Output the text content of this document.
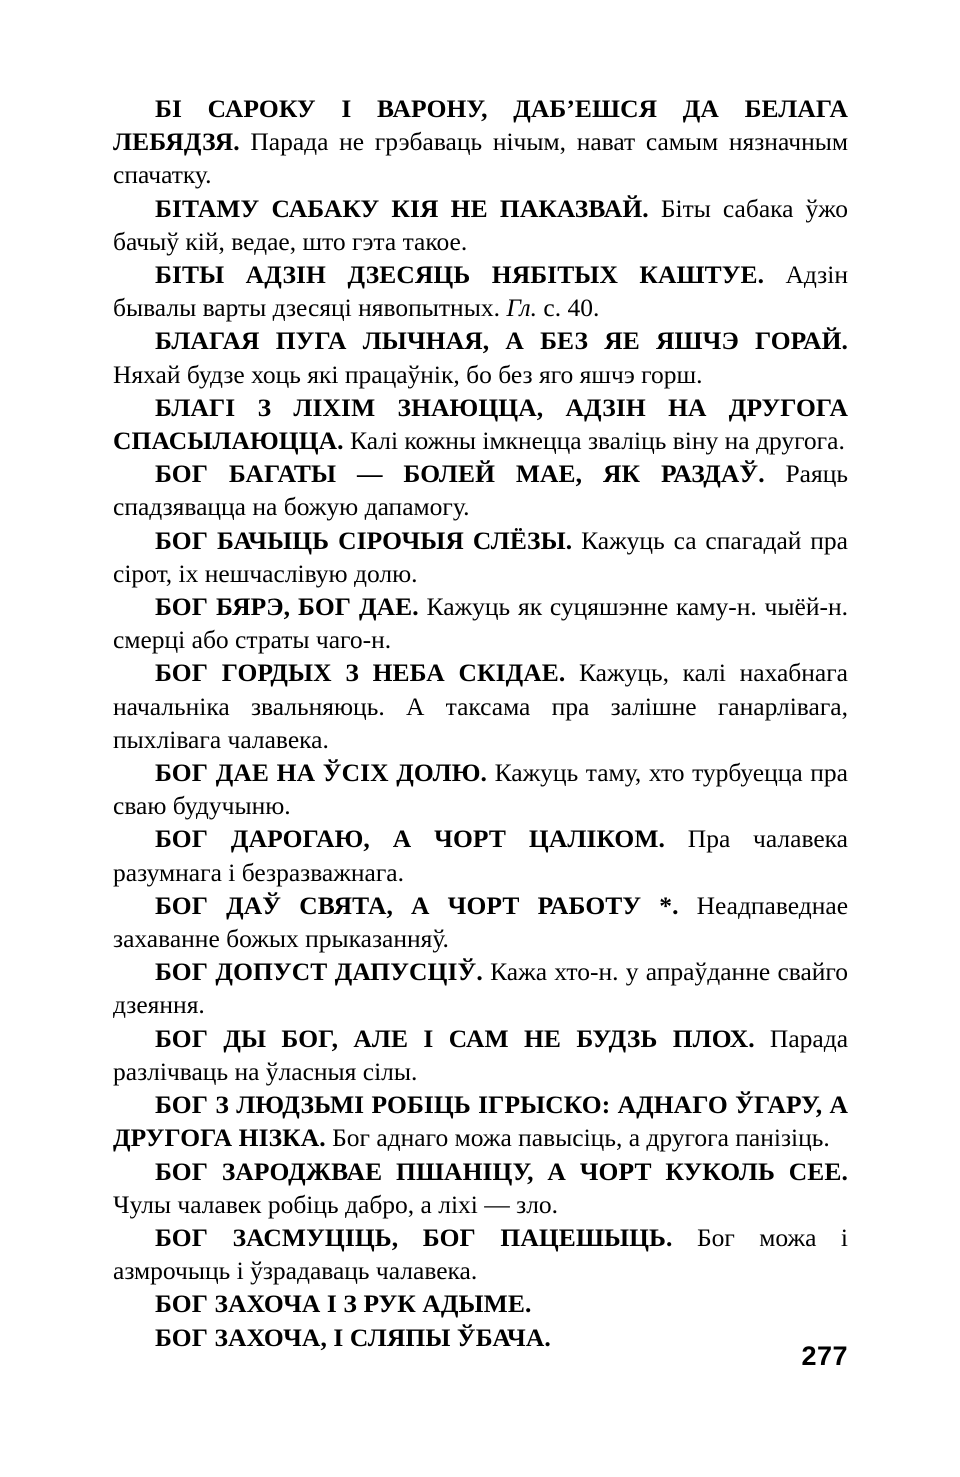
БІ САРОКУ І ВАРОНУ, ДАБ’ЕШСЯ ДА БЕЛАГА ЛЕБЯДЗЯ. Парада не грэбаваць нічым, нават самым нязначным спачатку.

БІТАМУ САБАКУ КІЯ НЕ ПАКАЗВАЙ. Біты сабака ўжо бачыў кій, ведае, што гэта такое.

БІТЫ АДЗІН ДЗЕСЯЦЬ НЯБІТЫХ КАШТУЕ. Адзін бывалы варты дзесяці нявопытных. Гл. с. 40.

БЛАГАЯ ПУГА ЛЫЧНАЯ, А БЕЗ ЯЕ ЯШЧЭ ГОРАЙ. Няхай будзе хоць які працаўнік, бо без яго яшчэ горш.

БЛАГІ З ЛІХІМ ЗНАЮЦЦА, АДЗІН НА ДРУГОГА СПАСЫЛАЮЦЦА. Калі кожны імкнецца зваліць віну на другога.

БОГ БАГАТЫ — БОЛЕЙ МАЕ, ЯК РАЗДАЎ. Раяць спадзявацца на божую дапамогу.

БОГ БАЧЫЦЬ СІРОЧЫЯ СЛЁЗЫ. Кажуць са спагадай пра сірот, іх нешчаслівую долю.

БОГ БЯРЭ, БОГ ДАЕ. Кажуць як суцяшэнне каму-н. чыёй-н. смерці або страты чаго-н.

БОГ ГОРДЫХ З НЕБА СКІДАЕ. Кажуць, калі нахабнага начальніка звальняюць. А таксама пра залішне ганарлівага, пыхлівага чалавека.

БОГ ДАЕ НА ЎСІХ ДОЛЮ. Кажуць таму, хто турбуецца пра сваю будучыню.

БОГ ДАРОГАЮ, А ЧОРТ ЦАЛІКОМ. Пра чалавека разумнага і безразважнага.

БОГ ДАЎ СВЯТА, А ЧОРТ РАБОТУ *. Неадпаведнае захаванне божых прыказанняў.

БОГ ДОПУСТ ДАПУСЦІЎ. Кажа хто-н. у апраўданне свайго дзеяння.

БОГ ДЫ БОГ, АЛЕ І САМ НЕ БУДЗЬ ПЛОХ. Парада разлічваць на ўласныя сілы.

БОГ З ЛЮДЗЬМІ РОБІЦЬ ІГРЫСКО: АДНАГО ЎГАРУ, А ДРУГОГА НІЗКА. Бог аднаго можа павысіць, а другога панізіць.

БОГ ЗАРОДЖВАЕ ПШАНІЦУ, А ЧОРТ КУКОЛЬ СЕЕ. Чулы чалавек робіць дабро, а ліхі — зло.

БОГ ЗАСМУЦІЦЬ, БОГ ПАЦЕШЫЦЬ. Бог можа і азмрочыць і ўзрадаваць чалавека.

БОГ ЗАХОЧА І З РУК АДЫМЕ.

БОГ ЗАХОЧА, І СЛЯПЫ ЎБАЧА.

277
